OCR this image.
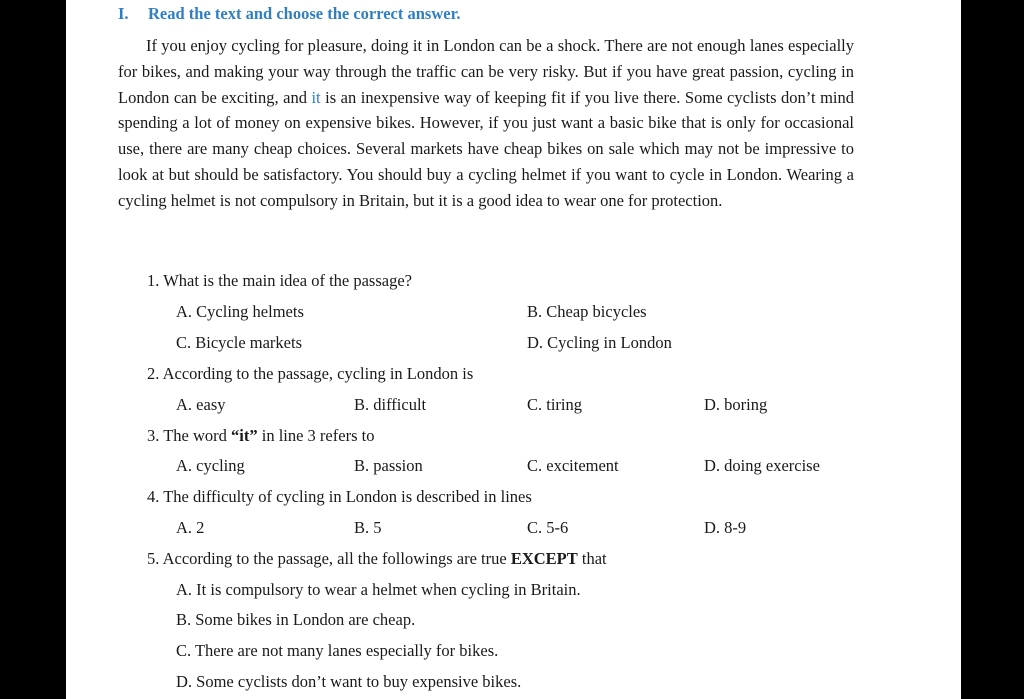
I. Read the text and choose the correct answer.

If you enjoy cycling for pleasure, doing it in London can be a shock. There are not enough lanes especially for bikes, and making your way through the traffic can be very risky. But if you have great passion, cycling in London can be exciting, and it is an inexpensive way of keeping fit if you live there. Some cyclists don’t mind spending a lot of money on expensive bikes. However, if you just want a basic bike that is only for occasional use, there are many cheap choices. Several markets have cheap bikes on sale which may not be impressive to look at but should be satisfactory. You should buy a cycling helmet if you want to cycle in London. Wearing a cycling helmet is not compulsory in Britain, but it is a good idea to wear one for protection.

1. What is the main idea of the passage?
A. Cycling helmets	B. Cheap bicycles
C. Bicycle markets	D. Cycling in London
2. According to the passage, cycling in London is
A. easy	B. difficult	C. tiring	D. boring
3. The word “it” in line 3 refers to
A. cycling	B. passion	C. excitement	D. doing exercise
4. The difficulty of cycling in London is described in lines
A. 2	B. 5	C. 5-6	D. 8-9
5. According to the passage, all the followings are true EXCEPT that
A. It is compulsory to wear a helmet when cycling in Britain.
B. Some bikes in London are cheap.
C. There are not many lanes especially for bikes.
D. Some cyclists don’t want to buy expensive bikes.
